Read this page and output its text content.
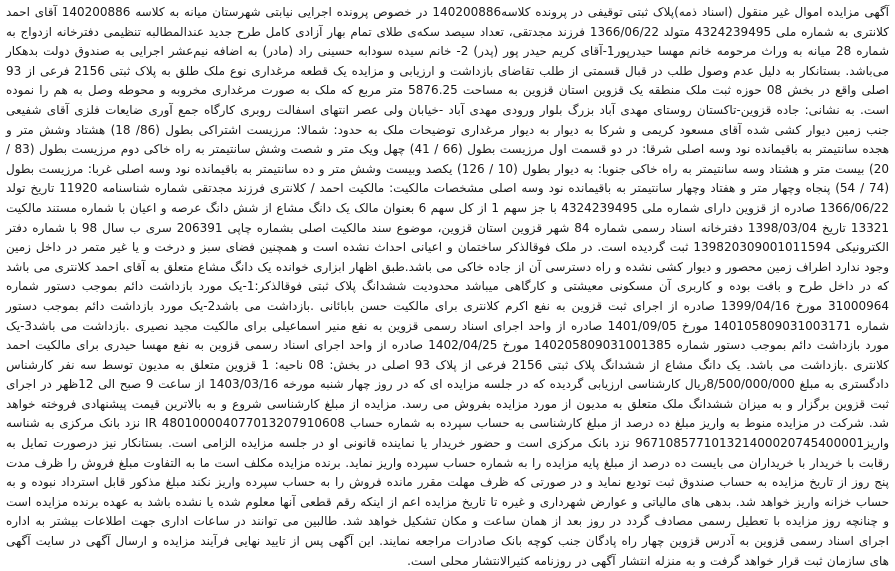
آگهی مزایده اموال غیر منقول (اسناد ذمه)پلاک ثبتی توقیفی در پرونده کلاسه140200886 در خصوص پرونده اجرایی نیابتی شهرستان میانه به کلاسه 140200886 آقای احمد کلانتری به شماره ملی 4324239495 متولد 1366/06/22 فرزند مجدتقی، تعداد سیصد سکه‌ی طلای تمام بهار آزادی کامل طرح جدید عندالمطالبه تنظیمی دفترخانه ازدواج به شماره 28 میانه به وراث مرحومه خانم مهسا حیدرپور1-آقای کریم حیدر پور (پدر) 2- خانم سیده سودابه حسینی راد (مادر) به اضافه نیم‌عشر اجرایی به صندوق دولت بدهکار می‌باشد. بستانکار به دلیل عدم وصول طلب در قبال قسمتی از طلب تقاضای بازداشت و ارزیابی و مزایده یک قطعه مرغداری نوع ملک طلق به پلاک ثبتی 2156 فرعی از 93 اصلی واقع در بخش 08 حوزه ثبت ملک منطقه یک قزوین استان قزوین به مساحت 5876.25 متر مربع که ملک به صورت مرغداری مخروبه و محوطه وصل به هم را نموده است. به نشانی: جاده قزوین-تاکستان روستای مهدی آباد بزرگ بلوار ورودی مهدی آباد -خیابان ولی عصر انتهای اسفالت روبری کارگاه جمع آوری ضایعات فلزی آقای شفیعی جنب زمین دیوار کشی شده آقای مسعود کریمی و شرکا به دیوار به دیوار مرغداری توضیحات ملک به حدود: شمالا: مرزیست اشتراکی بطول (86/ 18) هشتاد وشش متر و هجده سانتیمتر به باقیمانده نود وسه اصلی شرقا: در دو قسمت اول مرزیست بطول (66 / 41) چهل ویک متر و شصت وشش سانتیمتر به راه خاکی دوم مرزیست بطول (83 / 20) بیست متر و هشتاد وسه سانتیمتر به راه خاکی جنوبا: به دیوار بطول (10 / 126) یکصد وبیست وشش متر و ده سانتیمتر به باقیمانده نود وسه اصلی غربا: مرزیست بطول (74 / 54) پنجاه وچهار متر و هفتاد وچهار سانتیمتر به باقیمانده نود وسه اصلی مشخصات مالکیت: مالکیت احمد / کلانتری فرزند مجدتقی شماره شناسنامه 11920 تاریخ تولد 1366/06/22 صادره از قزوین دارای شماره ملی 4324239495 با جز سهم 1 از کل سهم 6 بعنوان مالک یک دانگ مشاع از شش دانگ عرصه و اعیان با شماره مستند مالکیت 13321 تاریخ 1398/03/04 دفترخانه اسناد رسمی شماره 84 شهر قزوین استان قزوین، موضوع سند مالکیت اصلی بشماره چاپی 206391 سری ب سال 98 با شماره دفتر الکترونیکی 139820309001011594 ثبت گردیده است. در ملک فوقالذکر ساختمان و اعیانی احداث نشده است و همچنین فضای سبز و درخت و یا غیر متمر در داخل زمین وجود ندارد اطراف زمین محصور و دیوار کشی نشده و راه دسترسی آن از جاده خاکی می باشد.طبق اظهار ابزاری خوانده یک دانگ مشاع متعلق به آقای احمد کلانتری می باشد که در داخل طرح و بافت بوده و کاربری آن مسکونی معیشتی و کارگاهی میباشد محدودیت ششدانگ پلاک ثبتی فوقالذکر:1-یک مورد بازداشت دائم بموجب دستور شماره 31000964 مورخ 1399/04/16 صادره از اجرای ثبت قزوین به نفع اکرم کلانتری برای مالکیت حسن بابائانی .بازداشت می باشد2-یک مورد بازداشت دائم بموجب دستور شماره 140105809031003171 مورخ 1401/09/05 صادره از واحد اجرای اسناد رسمی قزوین به نفع منیر اسماعیلی برای مالکیت مجید نصیری .بازداشت می باشد3-یک مورد بازداشت دائم بموجب دستور شماره 140205809031001385 مورخ 1402/04/25 صادره از واحد اجرای اسناد رسمی قزوین به نفع مهسا حیدری برای مالکیت احمد کلانتری .بازداشت می باشد. یک دانگ مشاع از ششدانگ پلاک ثبتی 2156 فرعی از پلاک 93 اصلی در بخش: 08 ناحیه: 1 قزوین متعلق به مدیون توسط سه نفر کارشناس دادگستری به مبلغ 8/500/000/000ریال کارشناسی ارزیابی گردیده که در جلسه مزایده ای که در روز چهار شنبه مورخه 1403/03/16 از ساعت 9 صبح الی 12ظهر در اجرای ثبت قزوین برگزار و به میزان ششدانگ ملک متعلق به مدیون از مورد مزایده بفروش می رسد. مزایده از مبلغ کارشناسی شروع و به بالاترین قیمت پیشنهادی فروخته خواهد شد. شرکت در مزایده منوط به واریز مبلغ ده درصد از مبلغ کارشناسی به حساب سپرده به شماره حساب IR 480100004077013207910608 نزد بانک مرکزی به شناسه واریز967108577101321400020745400001 نزد بانک مرکزی است و حضور خریدار یا نماینده قانونی او در جلسه مزایده الزامی است. بستانکار نیز درصورت تمایل به رقابت با خریدار با خریداران می بایست ده درصد از مبلغ پایه مزایده را به شماره حساب سپرده واریز نماید. برنده مزایده مکلف است ما به التفاوت مبلغ فروش را ظرف مدت پنج روز از تاریخ مزایده به حساب صندوق ثبت تودیع نماید و در صورتی که ظرف مهلت مقرر مانده فروش را به حساب سپرده واریز نکند مبلغ مذکور قابل استرداد نبوده و به حساب خزانه واریز خواهد شد. بدهی های مالیاتی و عوارض شهرداری و غیره تا تاریخ مزایده اعم از اینکه رقم قطعی آنها معلوم شده یا نشده باشد به عهده برنده مزایده است و چنانچه روز مزایده با تعطیل رسمی مصادف گردد در روز بعد از همان ساعت و مکان تشکیل خواهد شد. طالبین می توانند در ساعات اداری جهت اطلاعات بیشتر به اداره اجرای اسناد رسمی قزوین به آدرس قزوین چهار راه پادگان جنب کوچه بانک صادرات مراجعه نمایند. این آگهی پس از تایید نهایی فرآیند مزایده و ارسال آگهی در سایت آگهی های سازمان ثبت قرار خواهد گرفت و به منزله انتشار آگهی در روزنامه کثیرالانتشار محلی است.
